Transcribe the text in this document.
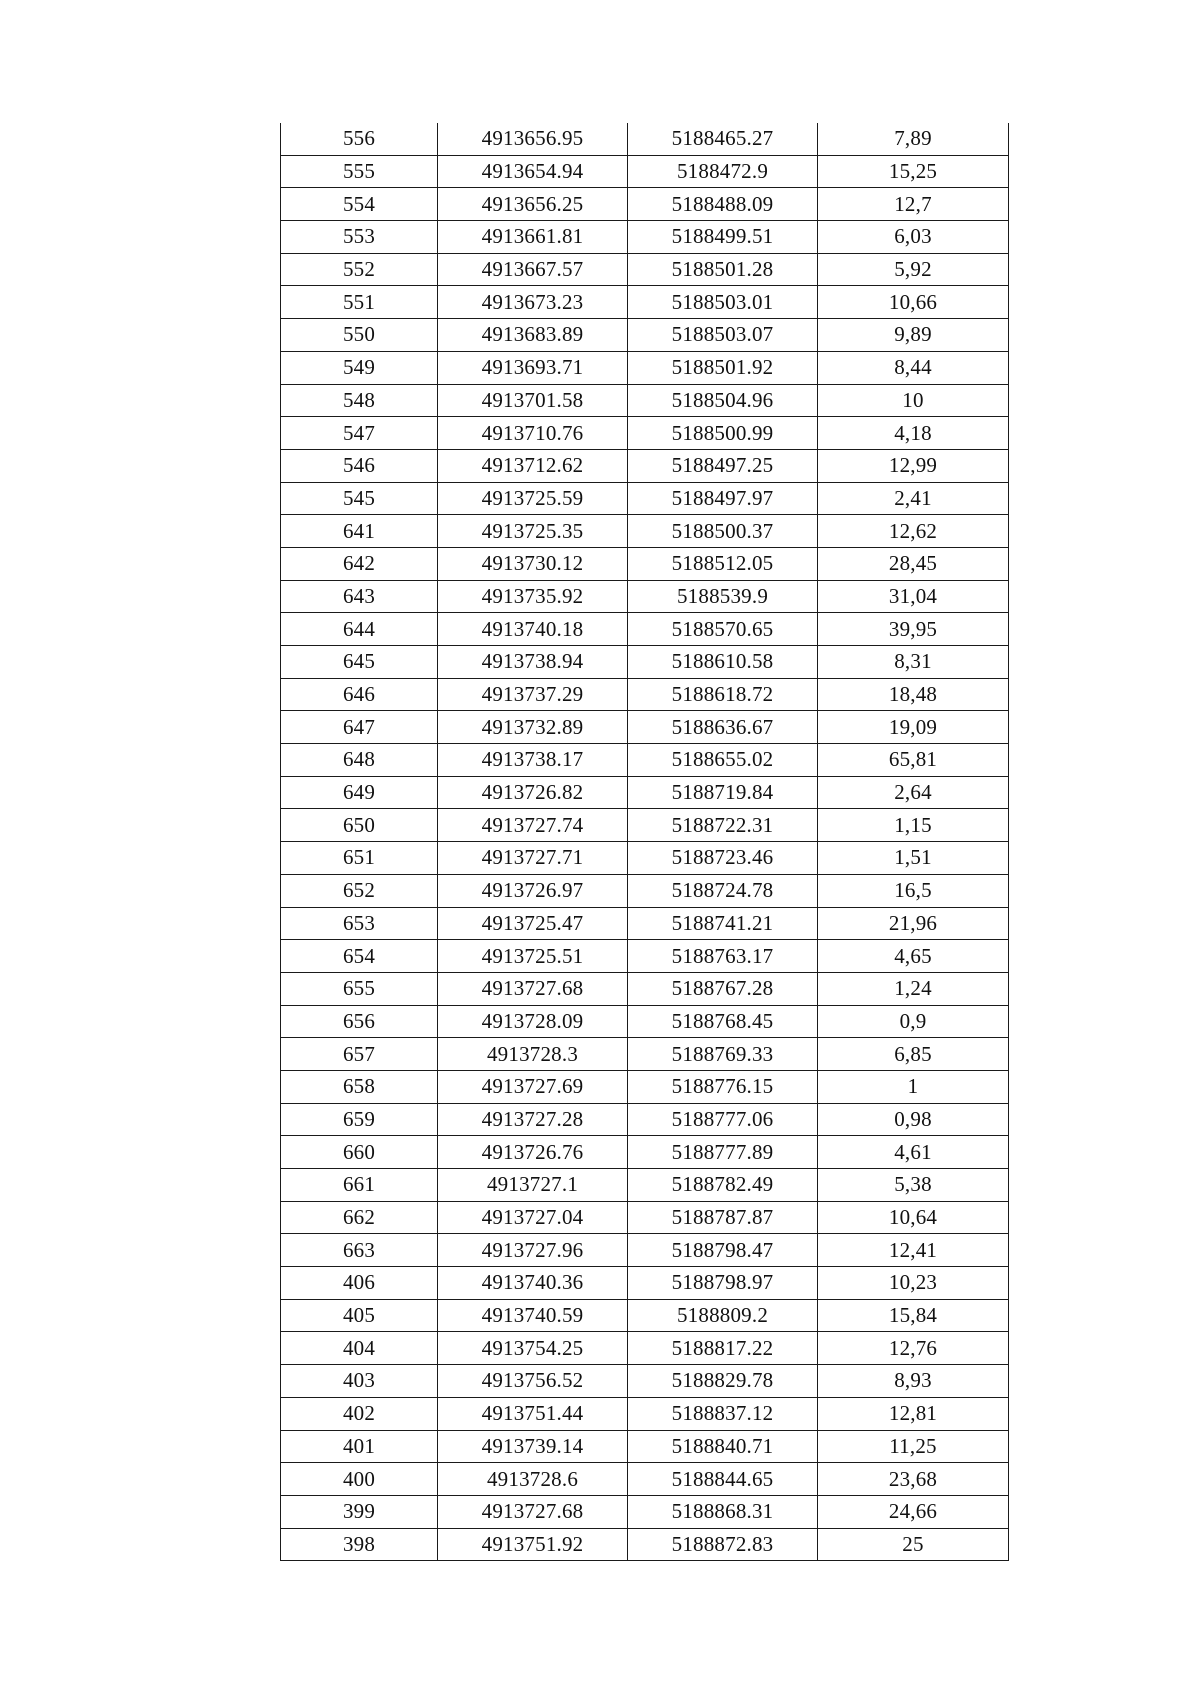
556	4913656.95	5188465.27	7,89
555	4913654.94	5188472.9	15,25
554	4913656.25	5188488.09	12,7
553	4913661.81	5188499.51	6,03
552	4913667.57	5188501.28	5,92
551	4913673.23	5188503.01	10,66
550	4913683.89	5188503.07	9,89
549	4913693.71	5188501.92	8,44
548	4913701.58	5188504.96	10
547	4913710.76	5188500.99	4,18
546	4913712.62	5188497.25	12,99
545	4913725.59	5188497.97	2,41
641	4913725.35	5188500.37	12,62
642	4913730.12	5188512.05	28,45
643	4913735.92	5188539.9	31,04
644	4913740.18	5188570.65	39,95
645	4913738.94	5188610.58	8,31
646	4913737.29	5188618.72	18,48
647	4913732.89	5188636.67	19,09
648	4913738.17	5188655.02	65,81
649	4913726.82	5188719.84	2,64
650	4913727.74	5188722.31	1,15
651	4913727.71	5188723.46	1,51
652	4913726.97	5188724.78	16,5
653	4913725.47	5188741.21	21,96
654	4913725.51	5188763.17	4,65
655	4913727.68	5188767.28	1,24
656	4913728.09	5188768.45	0,9
657	4913728.3	5188769.33	6,85
658	4913727.69	5188776.15	1
659	4913727.28	5188777.06	0,98
660	4913726.76	5188777.89	4,61
661	4913727.1	5188782.49	5,38
662	4913727.04	5188787.87	10,64
663	4913727.96	5188798.47	12,41
406	4913740.36	5188798.97	10,23
405	4913740.59	5188809.2	15,84
404	4913754.25	5188817.22	12,76
403	4913756.52	5188829.78	8,93
402	4913751.44	5188837.12	12,81
401	4913739.14	5188840.71	11,25
400	4913728.6	5188844.65	23,68
399	4913727.68	5188868.31	24,66
398	4913751.92	5188872.83	25
